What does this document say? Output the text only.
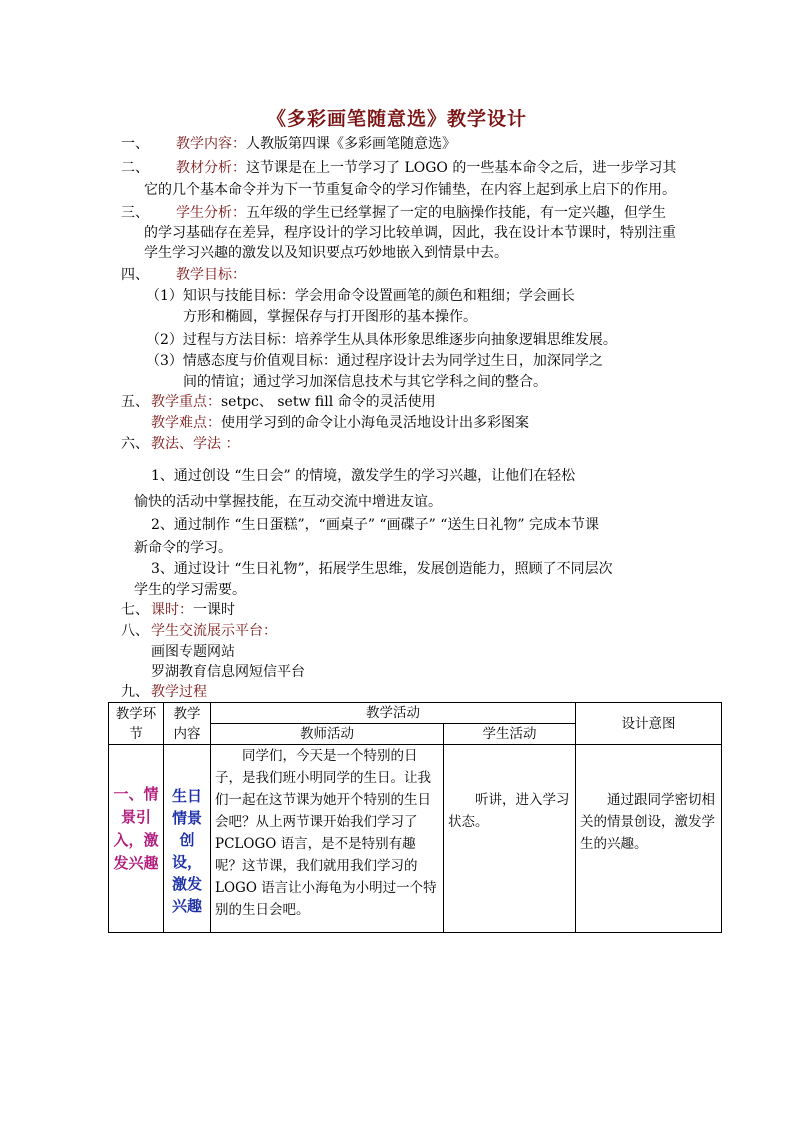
《多彩画笔随意选》教学设计
一、 教学内容：人教版第四课《多彩画笔随意选》
二、 教材分析：这节课是在上一节学习了 LOGO 的一些基本命令之后，进一步学习其
它的几个基本命令并为下一节重复命令的学习作铺垫，在内容上起到承上启下的作用。
三、 学生分析：五年级的学生已经掌握了一定的电脑操作技能，有一定兴趣，但学生
的学习基础存在差异，程序设计的学习比较单调，因此，我在设计本节课时，特别注重
学生学习兴趣的激发以及知识要点巧妙地嵌入到情景中去。
四、 教学目标：
（1）知识与技能目标：学会用命令设置画笔的颜色和粗细；学会画长
方形和椭圆，掌握保存与打开图形的基本操作。
（2）过程与方法目标：培养学生从具体形象思维逐步向抽象逻辑思维发展。
（3）情感态度与价值观目标：通过程序设计去为同学过生日，加深同学之
间的情谊；通过学习加深信息技术与其它学科之间的整合。
五、 教学重点：setpc、 setw fill 命令的灵活使用
教学难点：使用学习到的命令让小海龟灵活地设计出多彩图案
六、 教法、学法 ：
1、通过创设 “生日会” 的情境，激发学生的学习兴趣，让他们在轻松
愉快的活动中掌握技能，在互动交流中增进友谊。
2、通过制作 “生日蛋糕”，“画桌子” “画碟子” “送生日礼物” 完成本节课
新命令的学习。
3、通过设计 “生日礼物”，拓展学生思维，发展创造能力，照顾了不同层次
学生的学习需要。
七、 课时：一课时
八、 学生交流展示平台：
画图专题网站
罗湖教育信息网短信平台
九、 教学过程
教学环节	教学内容	教学活动		设计意图
		教师活动	学生活动	
一、情景引入，激发兴趣	生日情景创设，激发兴趣	同学们，今天是一个特别的日子，是我们班小明同学的生日。让我们一起在这节课为她开个特别的生日会吧？从上两节课开始我们学习了 PCLOGO 语言，是不是特别有趣呢？这节课，我们就用我们学习的 LOGO 语言让小海龟为小明过一个特别的生日会吧。	听讲，进入学习状态。	通过跟同学密切相关的情景创设，激发学生的兴趣。
